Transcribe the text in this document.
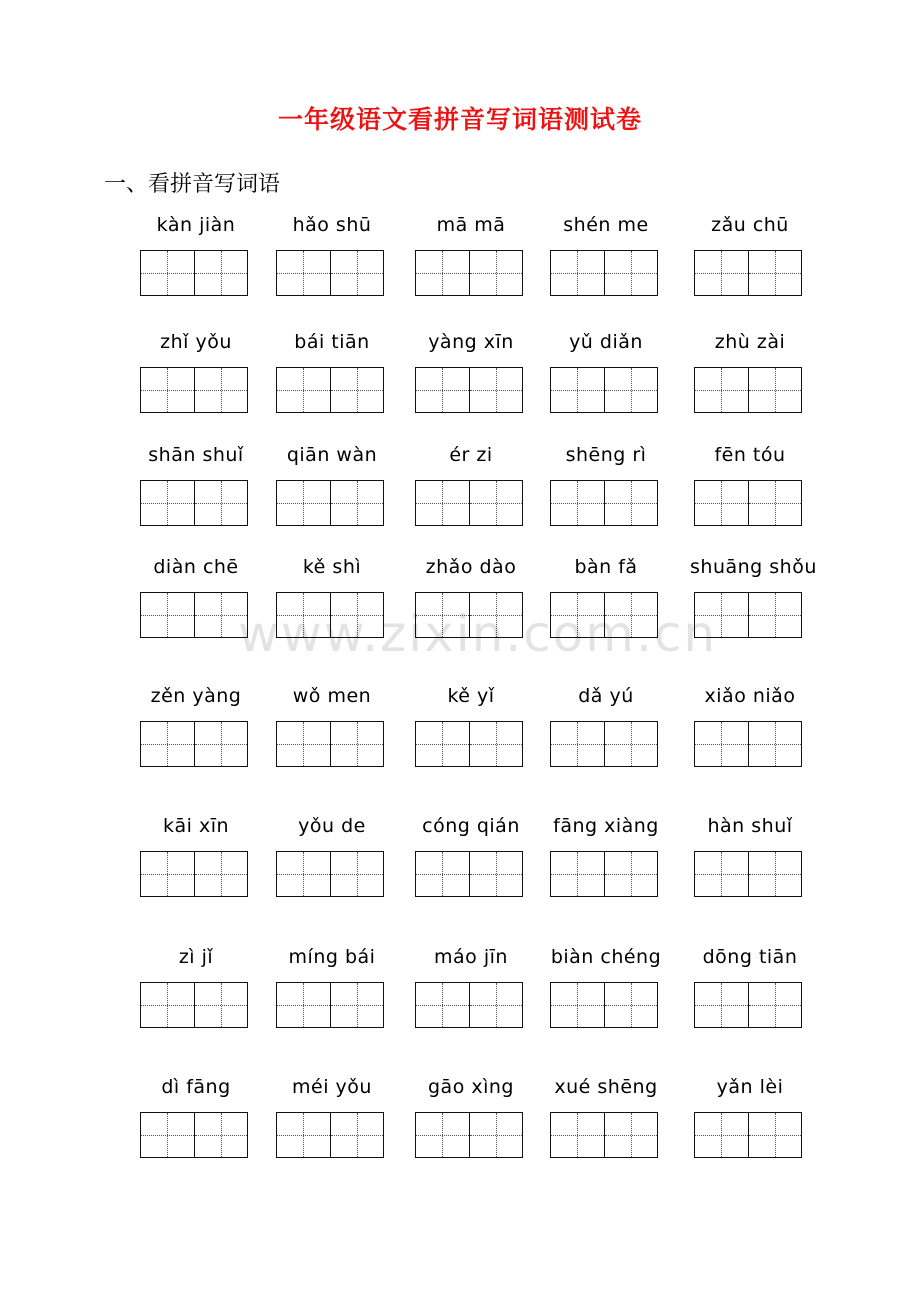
一年级语文看拼音写词语测试卷
一、看拼音写词语
www.zixin.com.cn
kàn jiàn	hǎo shū	mā mā	shén me	zǎu chū
zhǐ yǒu	bái tiān	yàng xīn	yǔ diǎn	zhù zài
shān shuǐ	qiān wàn	ér zi	shēng rì	fēn tóu
diàn chē	kě shì	zhǎo dào	bàn fǎ	shuāng shǒu
zěn yàng	wǒ men	kě yǐ	dǎ yú	xiǎo niǎo
kāi xīn	yǒu de	cóng qián	fāng xiàng	hàn shuǐ
zì jǐ	míng bái	máo jīn	biàn chéng	dōng tiān
dì fāng	méi yǒu	gāo xìng	xué shēng	yǎn lèi
